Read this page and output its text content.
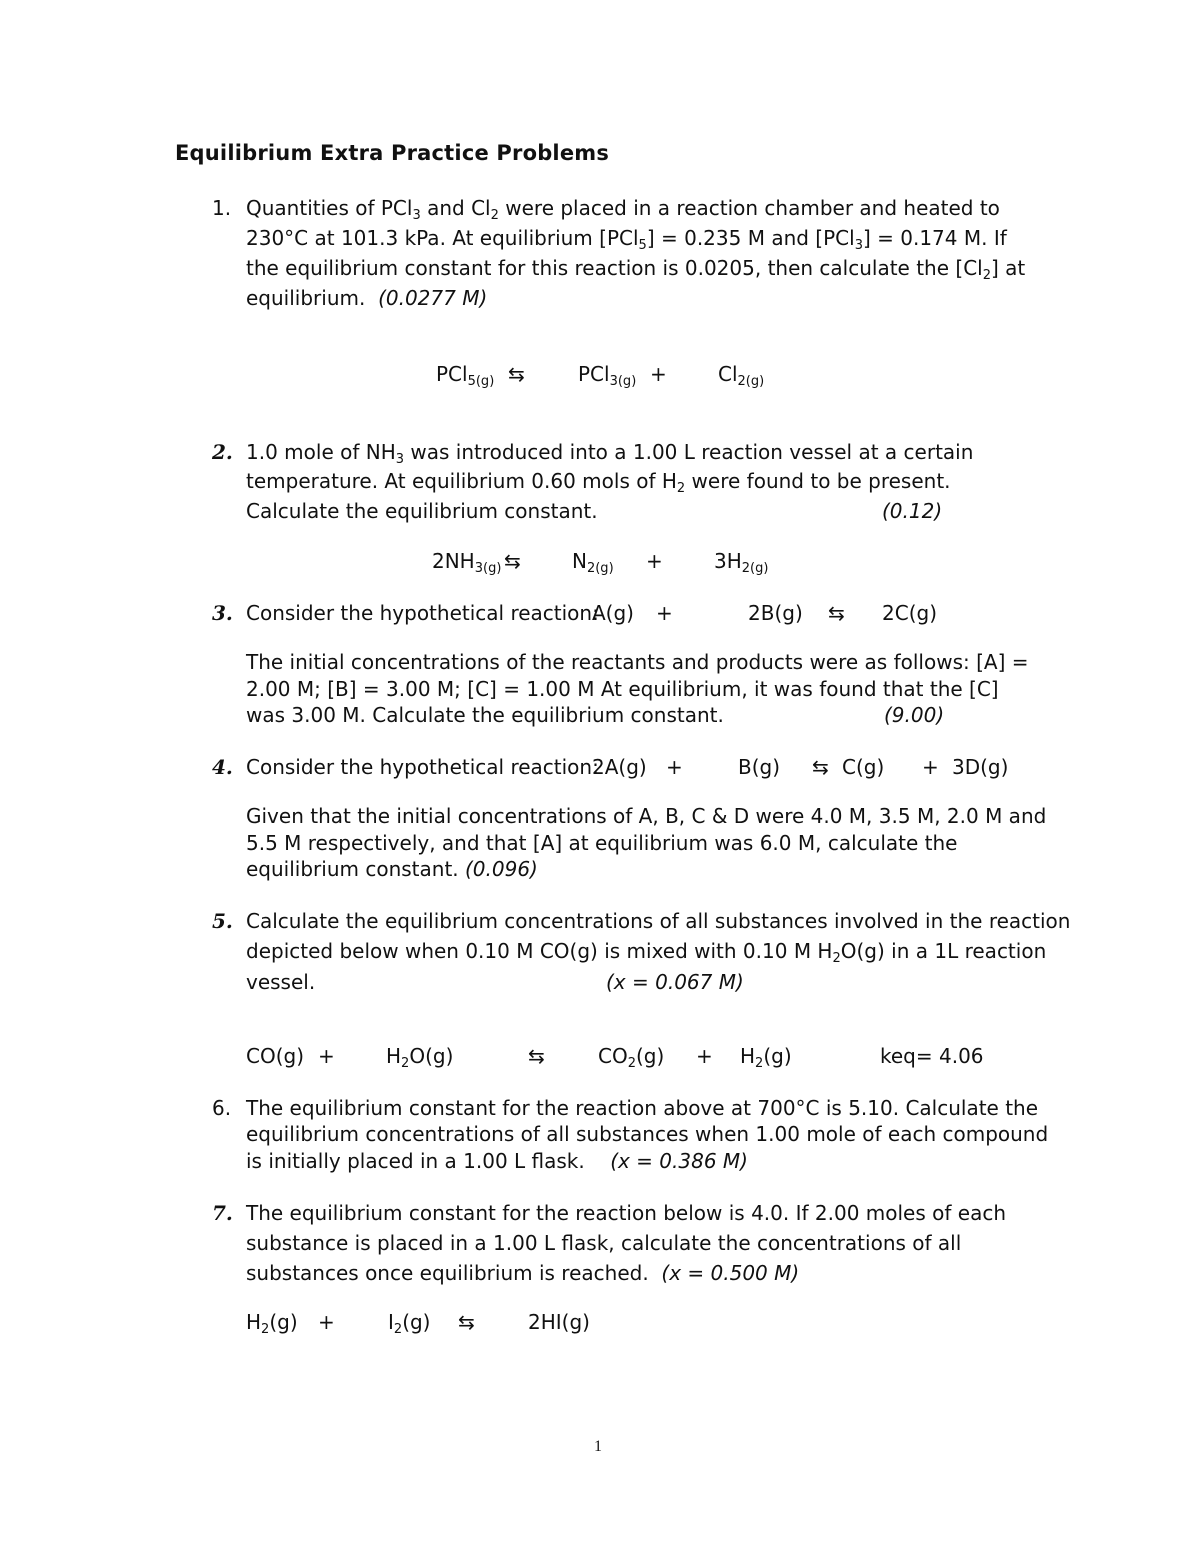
Equilibrium Extra Practice Problems
1. Quantities of PCl$_3$ and $Cl_2$ were placed in a reaction chamber and heated to
230°C at 101.3 kPa. At equilibrium [PCl$_5$] = 0.235 M and [PCl$_3$] = 0.174 M. If
the equilibrium constant for this reaction is 0.0205, then calculate the $[Cl_2]$ at
equilibrium. (0.0277 M)
PCl$_{5(g)}$ ⇆	PCl$_{3(g)}$ +	$Cl_{2(g)}$
2. 1.0 mole of $NH_3$ was introduced into a 1.00 L reaction vessel at a certain
temperature. At equilibrium 0.60 mols of $H_2$ were found to be present.
Calculate the equilibrium constant.	(0.12)
$2NH_{3(g)}$ ⇆	$N_{2(g)}$ +	$3H_{2(g)}$
3. Consider the hypothetical reaction:
A(g) +	2B(g) ⇆ 2C(g)
The initial concentrations of the reactants and products were as follows: [A] =
2.00 M; [B] = 3.00 M; [C] = 1.00 M At equilibrium, it was found that the [C]
was 3.00 M. Calculate the equilibrium constant.	(9.00)
4. Consider the hypothetical reaction:
2A(g) +	B(g) ⇆ C(g) + 3D(g)
Given that the initial concentrations of A, B, C & D were 4.0 M, 3.5 M, 2.0 M and
5.5 M respectively, and that [A] at equilibrium was 6.0 M, calculate the
equilibrium constant. (0.096)
5. Calculate the equilibrium concentrations of all substances involved in the reaction
depicted below when 0.10 M CO(g) is mixed with 0.10 M $H_2O(g)$ in a 1L reaction
vessel.	(x = 0.067 M)
CO(g) +	$H_2O(g)$	⇆	$CO_2(g) + H_2(g)$	keq= 4.06
6. The equilibrium constant for the reaction above at 700°C is 5.10. Calculate the
equilibrium concentrations of all substances when 1.00 mole of each compound
is initially placed in a 1.00 L flask. (x = 0.386 M)
7. The equilibrium constant for the reaction below is 4.0. If 2.00 moles of each
substance is placed in a 1.00 L flask, calculate the concentrations of all
substances once equilibrium is reached. (x = 0.500 M)
$H_2(g)$ +	$I_2(g)$ ⇆	2HI(g)
1
